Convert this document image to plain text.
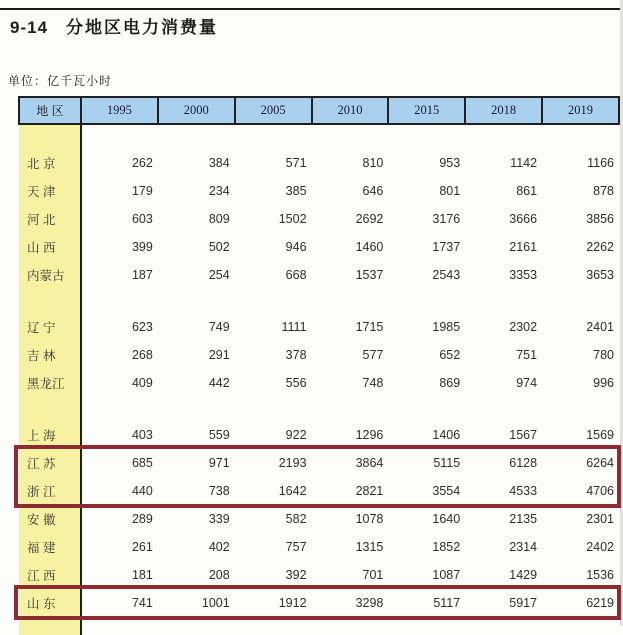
9-14 分地区电力消费量
单位：亿千瓦小时
地 区	1995	2000	2005	2010	2015	2018	2019

北 京	262	384	571	810	953	1142	1166
天 津	179	234	385	646	801	861	878
河 北	603	809	1502	2692	3176	3666	3856
山 西	399	502	946	1460	1737	2161	2262
内蒙古	187	254	668	1537	2543	3353	3653

辽 宁	623	749	1111	1715	1985	2302	2401
吉 林	268	291	378	577	652	751	780
黑龙江	409	442	556	748	869	974	996

上 海	403	559	922	1296	1406	1567	1569
江 苏	685	971	2193	3864	5115	6128	6264
浙 江	440	738	1642	2821	3554	4533	4706
安 徽	289	339	582	1078	1640	2135	2301
福 建	261	402	757	1315	1852	2314	2402
江 西	181	208	392	701	1087	1429	1536
山 东	741	1001	1912	3298	5117	5917	6219
